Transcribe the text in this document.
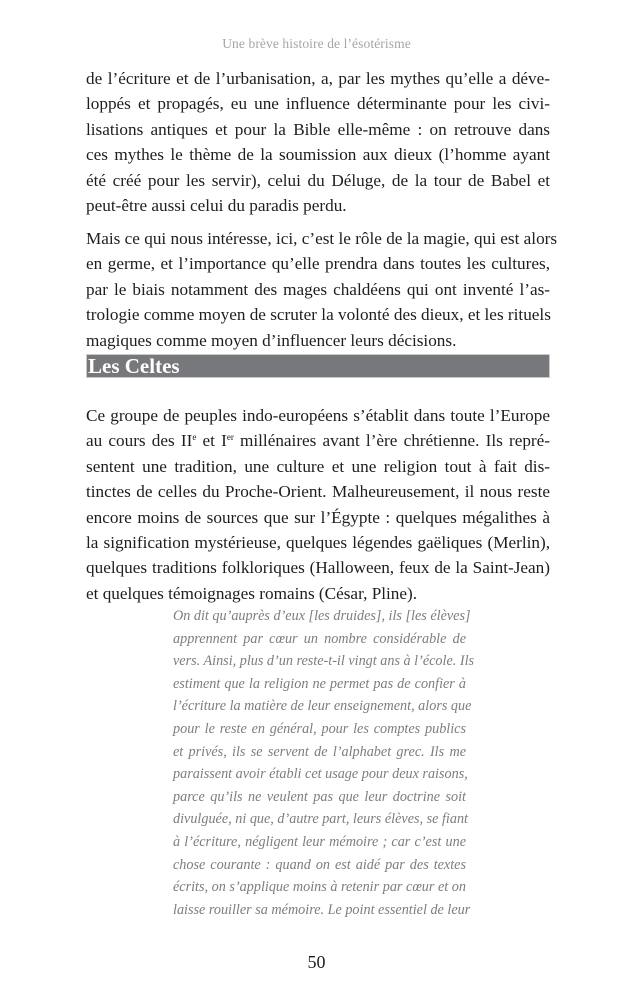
Une brève histoire de l’ésotérisme

de l’écriture et de l’urbanisation, a, par les mythes qu’elle a déve-
loppés et propagés, eu une influence déterminante pour les civi-
lisations antiques et pour la Bible elle-même : on retrouve dans
ces mythes le thème de la soumission aux dieux (l’homme ayant
été créé pour les servir), celui du Déluge, de la tour de Babel et
peut-être aussi celui du paradis perdu.

Mais ce qui nous intéresse, ici, c’est le rôle de la magie, qui est alors
en germe, et l’importance qu’elle prendra dans toutes les cultures,
par le biais notamment des mages chaldéens qui ont inventé l’as-
trologie comme moyen de scruter la volonté des dieux, et les rituels
magiques comme moyen d’influencer leurs décisions.

Les Celtes

Ce groupe de peuples indo-européens s’établit dans toute l’Europe
au cours des IIe et Ier millénaires avant l’ère chrétienne. Ils repré-
sentent une tradition, une culture et une religion tout à fait dis-
tinctes de celles du Proche-Orient. Malheureusement, il nous reste
encore moins de sources que sur l’Égypte : quelques mégalithes à
la signification mystérieuse, quelques légendes gaëliques (Merlin),
quelques traditions folkloriques (Halloween, feux de la Saint-Jean)
et quelques témoignages romains (César, Pline).

On dit qu’auprès d’eux [les druides], ils [les élèves]
apprennent par cœur un nombre considérable de
vers. Ainsi, plus d’un reste-t-il vingt ans à l’école. Ils
estiment que la religion ne permet pas de confier à
l’écriture la matière de leur enseignement, alors que
pour le reste en général, pour les comptes publics
et privés, ils se servent de l’alphabet grec. Ils me
paraissent avoir établi cet usage pour deux raisons,
parce qu’ils ne veulent pas que leur doctrine soit
divulguée, ni que, d’autre part, leurs élèves, se fiant
à l’écriture, négligent leur mémoire ; car c’est une
chose courante : quand on est aidé par des textes
écrits, on s’applique moins à retenir par cœur et on
laisse rouiller sa mémoire. Le point essentiel de leur
50
